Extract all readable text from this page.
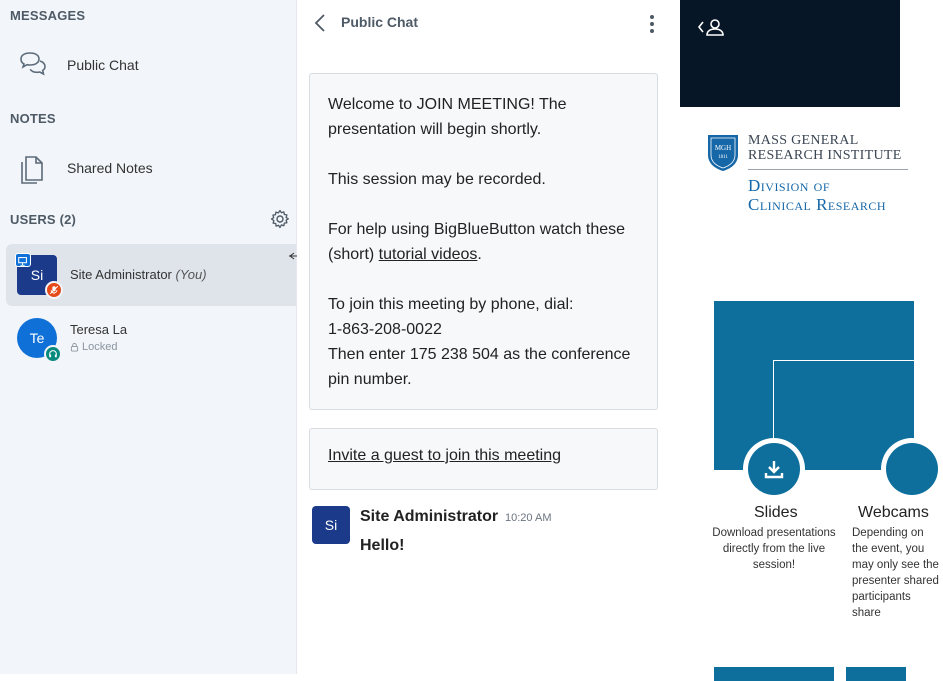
MESSAGES
Public Chat
NOTES
Shared Notes
USERS (2)
Si	Site Administrator (You)
Te
Teresa La
Locked
Public Chat

Welcome to JOIN MEETING! The presentation will begin shortly.

This session may be recorded.

For help using BigBlueButton watch these (short) tutorial videos.

To join this meeting by phone, dial:
1-863-208-0022
Then enter 175 238 504 as the conference pin number.

Invite a guest to join this meeting
Si	Site Administrator 10:20 AM
Hello!
MGH
1811
MASS GENERAL
RESEARCH INSTITUTE
Division of
Clinical Research
Slides
Download presentations directly from the live session!
Webcams
Depending on the event, you may only see the presenter shared participants share
